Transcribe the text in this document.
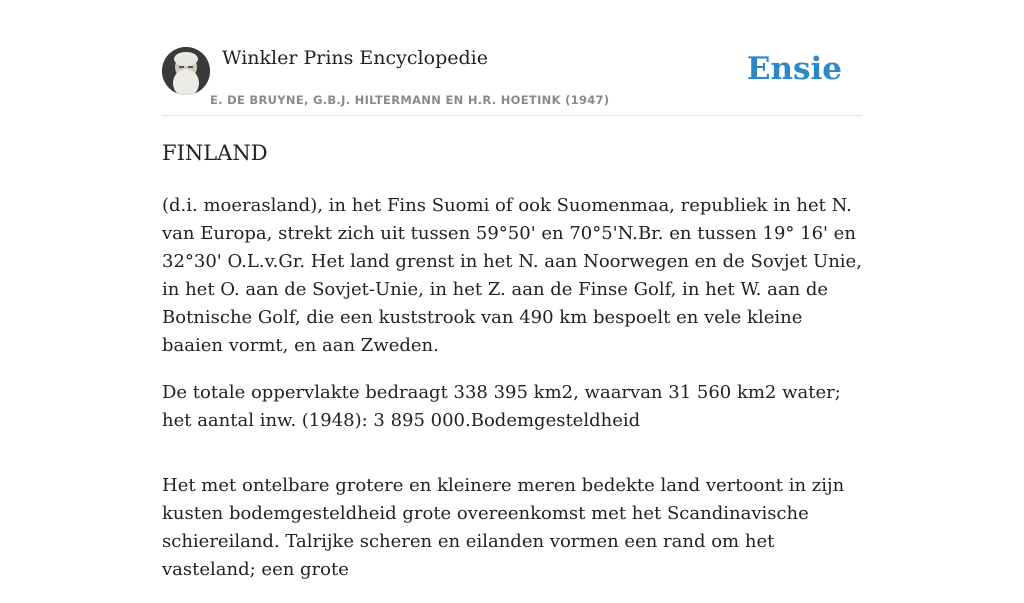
Winkler Prins Encyclopedie
E. DE BRUYNE, G.B.J. HILTERMANN EN H.R. HOETINK (1947)
Ensie
FINLAND

(d.i. moerasland), in het Fins Suomi of ook Suomenmaa, republiek in het N. van Europa, strekt zich uit tussen 59°50' en 70°5'N.Br. en tussen 19° 16' en 32°30' O.L.v.Gr. Het land grenst in het N. aan Noorwegen en de Sovjet Unie, in het O. aan de Sovjet-Unie, in het Z. aan de Finse Golf, in het W. aan de Botnische Golf, die een kuststrook van 490 km bespoelt en vele kleine baaien vormt, en aan Zweden.

De totale oppervlakte bedraagt 338 395 km2, waarvan 31 560 km2 water; het aantal inw. (1948): 3 895 000.Bodemgesteldheid

Het met ontelbare grotere en kleinere meren bedekte land vertoont in zijn kusten bodemgesteldheid grote overeenkomst met het Scandinavische schiereiland. Talrijke scheren en eilanden vormen een rand om het vasteland; een grote
